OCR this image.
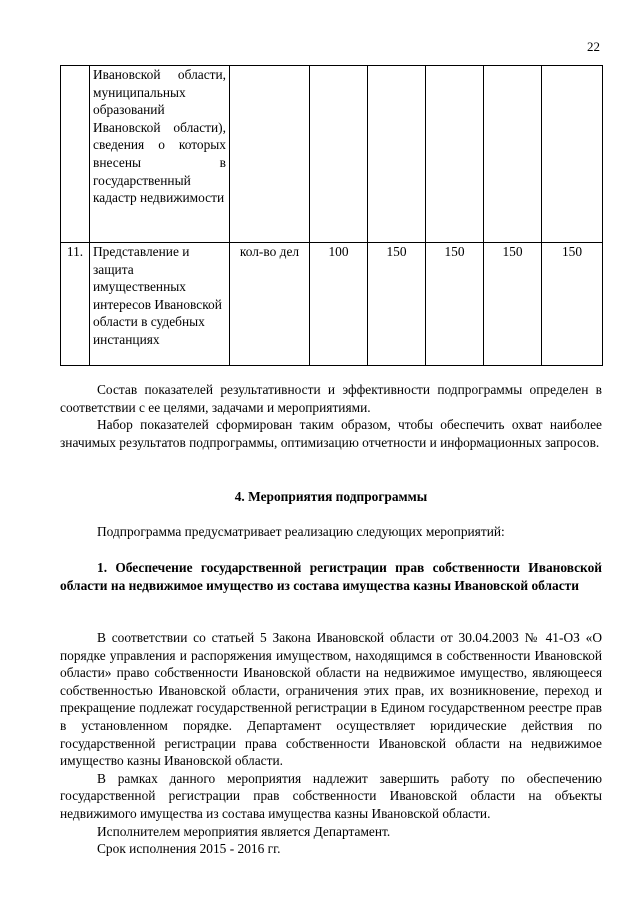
22
	Ивановской области, муниципальных образований Ивановской области), сведения о которых внесены в государственный кадастр недвижимости						
11.	Представление и защита имущественных интересов Ивановской области в судебных инстанциях	кол-во дел	100	150	150	150	150

Состав показателей результативности и эффективности подпрограммы определен в соответствии с ее целями, задачами и мероприятиями.

Набор показателей сформирован таким образом, чтобы обеспечить охват наиболее значимых результатов подпрограммы, оптимизацию отчетности и информационных запросов.

4. Мероприятия подпрограммы
Подпрограмма предусматривает реализацию следующих мероприятий:
1. Обеспечение государственной регистрации прав собственности Ивановской области на недвижимое имущество из состава имущества казны Ивановской области

В соответствии со статьей 5 Закона Ивановской области от 30.04.2003 № 41-ОЗ «О порядке управления и распоряжения имуществом, находящимся в собственности Ивановской области» право собственности Ивановской области на недвижимое имущество, являющееся собственностью Ивановской области, ограничения этих прав, их возникновение, переход и прекращение подлежат государственной регистрации в Едином государственном реестре прав в установленном порядке. Департамент осуществляет юридические действия по государственной регистрации права собственности Ивановской области на недвижимое имущество казны Ивановской области.

В рамках данного мероприятия надлежит завершить работу по обеспечению государственной регистрации прав собственности Ивановской области на объекты недвижимого имущества из состава имущества казны Ивановской области.

Исполнителем мероприятия является Департамент.

Срок исполнения 2015 - 2016 гг.
